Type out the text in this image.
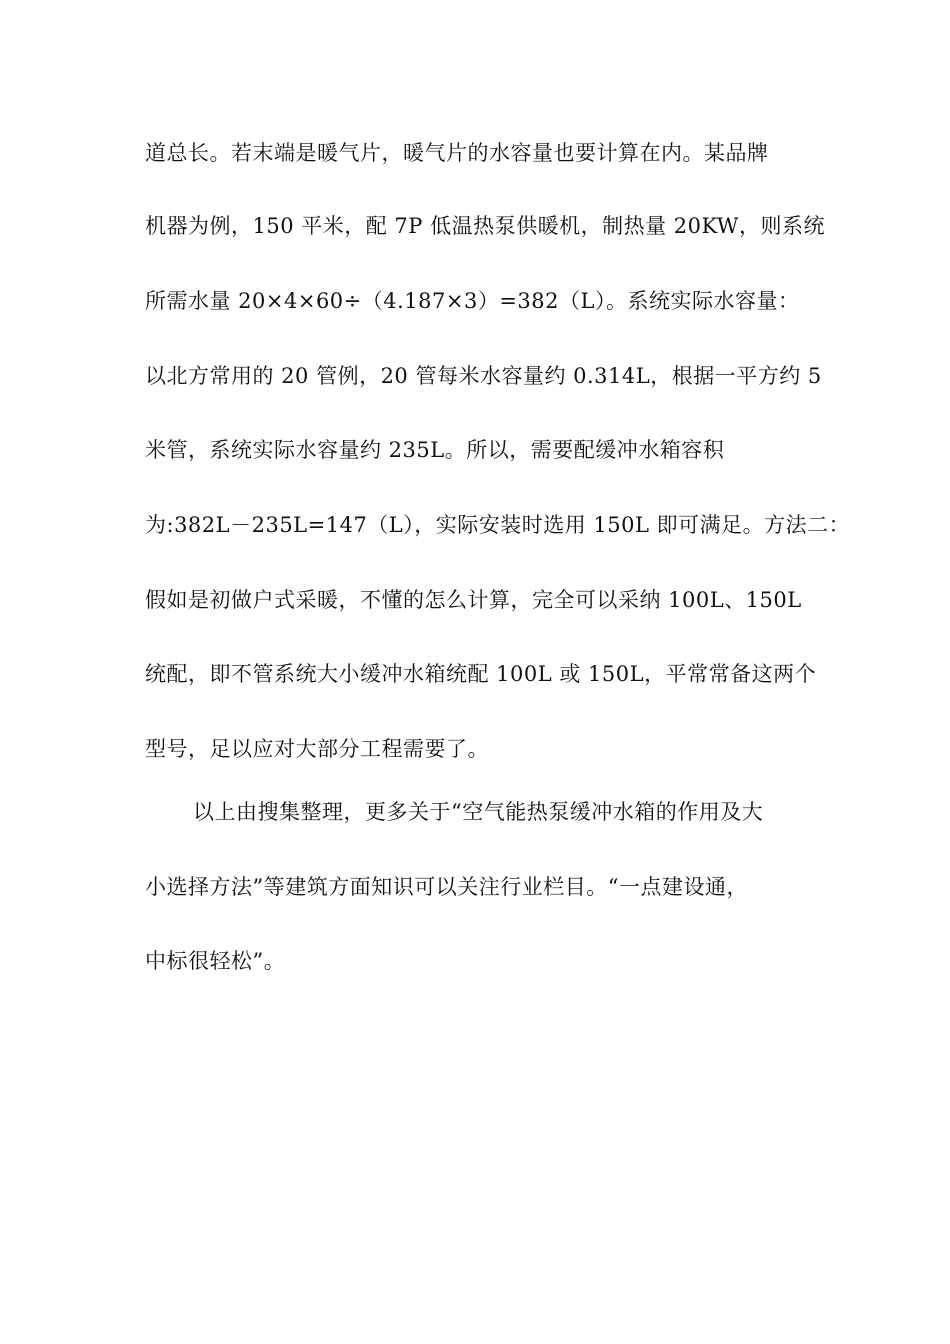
道总长。若末端是暖气片，暖气片的水容量也要计算在内。某品牌
机器为例，150 平米，配 7P 低温热泵供暖机，制热量 20KW，则系统
所需水量 20×4×60÷（4.187×3）=382（L）。系统实际水容量：
以北方常用的 20 管例，20 管每米水容量约 0.314L，根据一平方约 5
米管，系统实际水容量约 235L。所以，需要配缓冲水箱容积
为:382L－235L=147（L），实际安装时选用 150L 即可满足。方法二：
假如是初做户式采暖，不懂的怎么计算，完全可以采纳 100L、150L
统配，即不管系统大小缓冲水箱统配 100L 或 150L，平常常备这两个
型号，足以应对大部分工程需要了。
以上由搜集整理，更多关于“空气能热泵缓冲水箱的作用及大
小选择方法”等建筑方面知识可以关注行业栏目。“一点建设通，
中标很轻松”。
